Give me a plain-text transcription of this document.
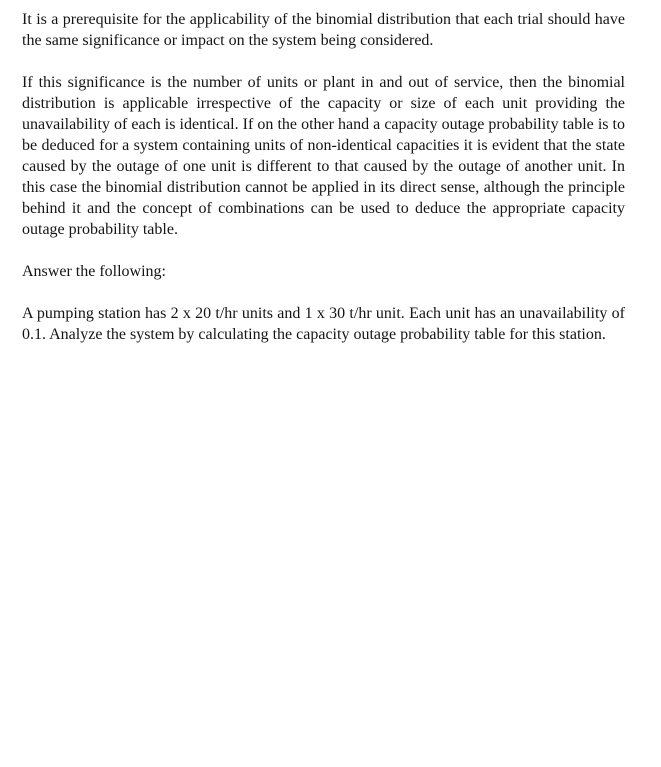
It is a prerequisite for the applicability of the binomial distribution that each trial should have the same significance or impact on the system being considered.

If this significance is the number of units or plant in and out of service, then the binomial distribution is applicable irrespective of the capacity or size of each unit providing the unavailability of each is identical. If on the other hand a capacity outage probability table is to be deduced for a system containing units of non-identical capacities it is evident that the state caused by the outage of one unit is different to that caused by the outage of another unit. In this case the binomial distribution cannot be applied in its direct sense, although the principle behind it and the concept of combinations can be used to deduce the appropriate capacity outage probability table.

Answer the following:

A pumping station has 2 x 20 t/hr units and 1 x 30 t/hr unit. Each unit has an unavailability of 0.1. Analyze the system by calculating the capacity outage probability table for this station.
